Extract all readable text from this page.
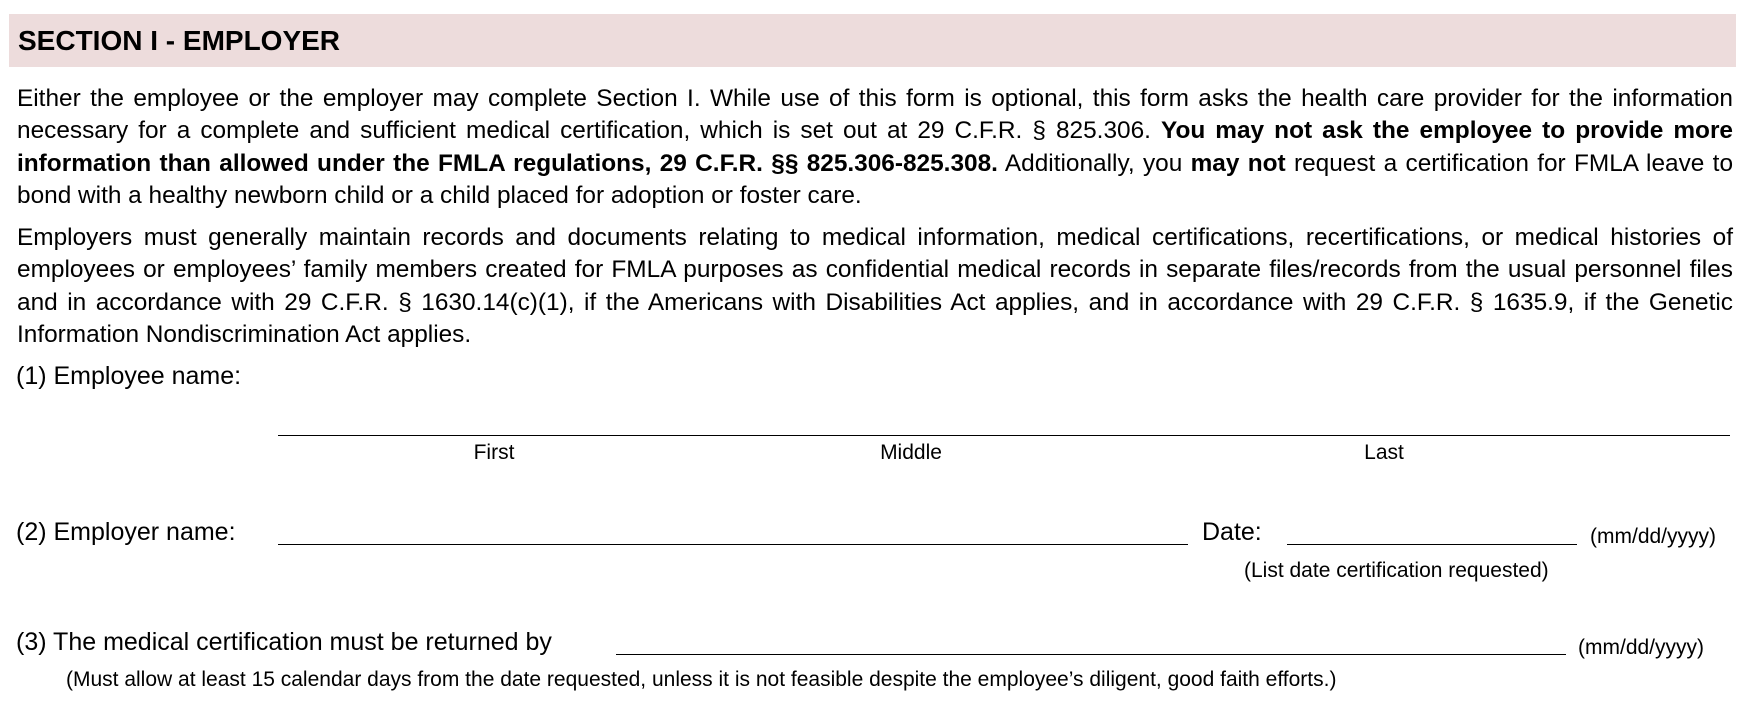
SECTION I - EMPLOYER

Either the employee or the employer may complete Section I. While use of this form is optional, this form asks the health care provider for the information necessary for a complete and sufficient medical certification, which is set out at 29 C.F.R. § 825.306. You may not ask the employee to provide more information than allowed under the FMLA regulations, 29 C.F.R. §§ 825.306-825.308. Additionally, you may not request a certification for FMLA leave to bond with a healthy newborn child or a child placed for adoption or foster care.

Employers must generally maintain records and documents relating to medical information, medical certifications, recertifications, or medical histories of employees or employees’ family members created for FMLA purposes as confidential medical records in separate files/records from the usual personnel files and in accordance with 29 C.F.R. § 1630.14(c)(1), if the Americans with Disabilities Act applies, and in accordance with 29 C.F.R. § 1635.9, if the Genetic Information Nondiscrimination Act applies.

(1) Employee name:
First	Middle	Last
(2) Employer name:	Date:	(mm/dd/yyyy)
(List date certification requested)
(3) The medical certification must be returned by	(mm/dd/yyyy)
(Must allow at least 15 calendar days from the date requested, unless it is not feasible despite the employee’s diligent, good faith efforts.)
